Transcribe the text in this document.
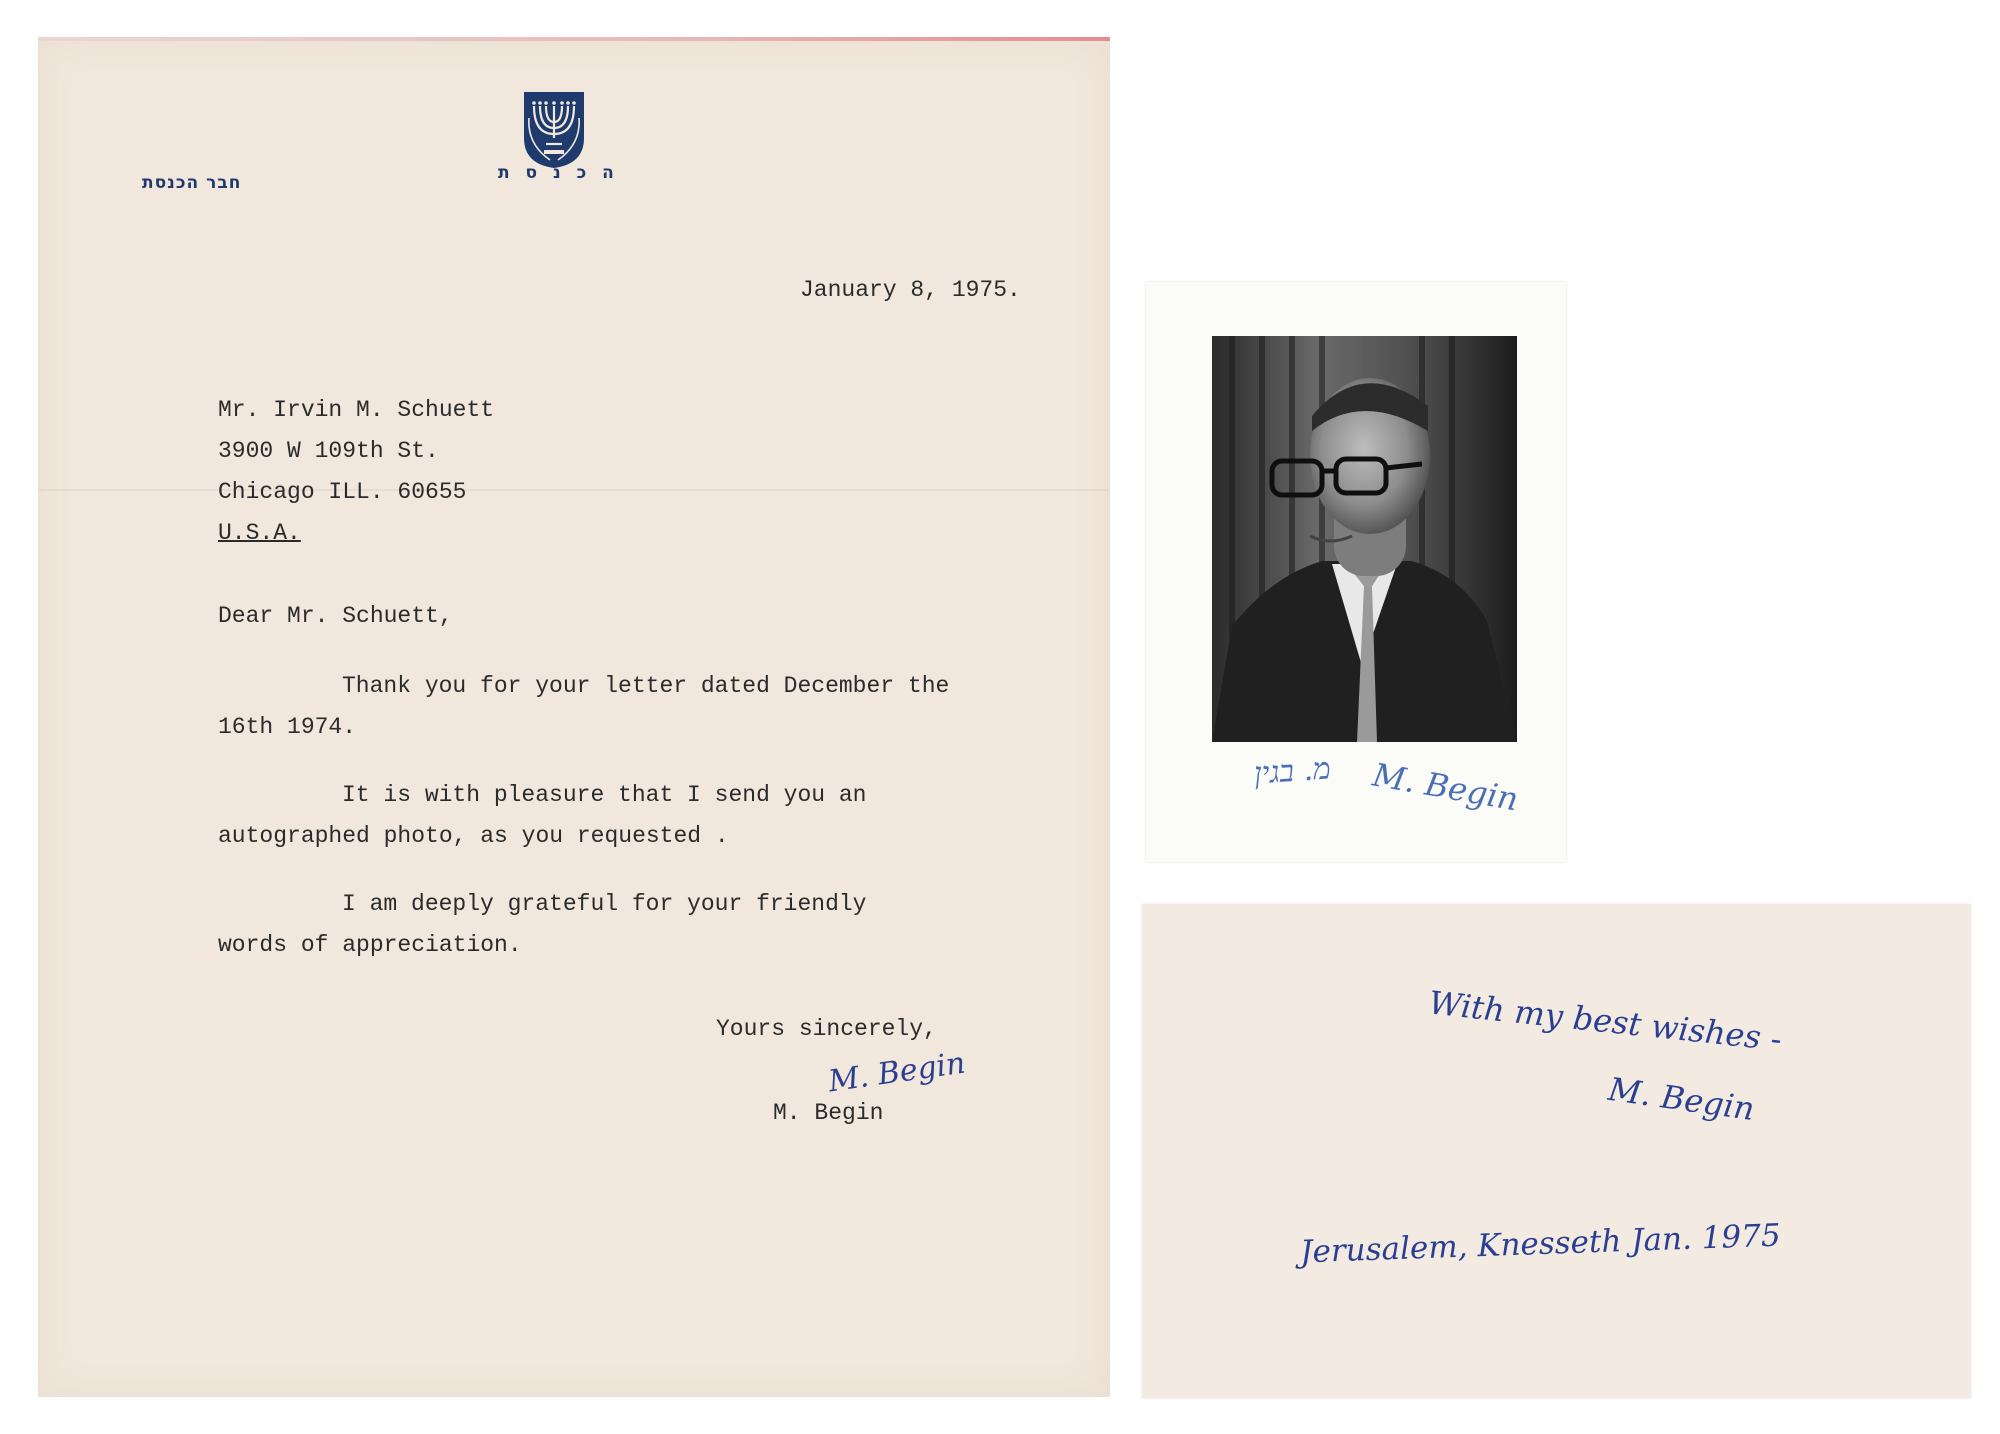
חבר הכנסת	ה כ נ ס ת
January 8, 1975.
Mr. Irvin M. Schuett
3900 W 109th St.
Chicago ILL. 60655
U.S.A.
Dear Mr. Schuett,
Thank you for your letter dated December the
16th 1974.
It is with pleasure that I send you an
autographed photo, as you requested .
I am deeply grateful for your friendly
words of appreciation.
Yours sincerely,
M. Begin
M. Begin
מ. בגין M. Begin
With my best wishes -
M. Begin
Jerusalem, Knesseth Jan. 1975
